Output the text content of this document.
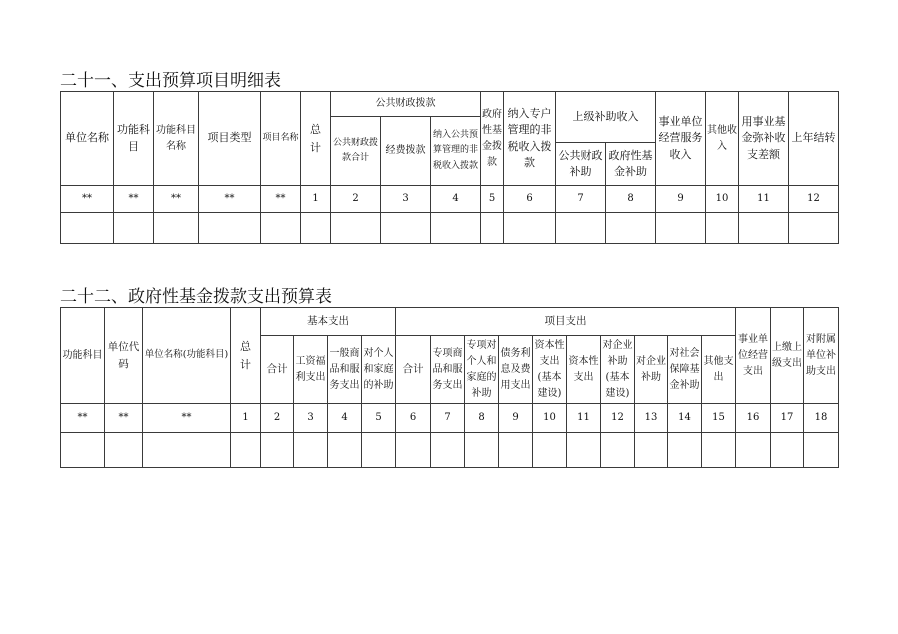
二十一、支出预算项目明细表
单位名称	功能科目	功能科目名称	项目类型	项目名称	总计	公共财政拨款			政府性基金拨款	纳入专户管理的非税收入拨款	上级补助收入		事业单位经营服务收入	其他收入	用事业基金弥补收支差额	上年结转
						公共财政拨款合计	经费拨款	纳入公共预算管理的非税收入拨款								
											公共财政补助	政府性基金补助				
**	**	**	**	**	1	2	3	4	5	6	7	8	9	10	11	12

二十二、政府性基金拨款支出预算表
功能科目	单位代码	单位名称(功能科目)	总计	基本支出				项目支出										事业单位经营支出	上缴上级支出	对附属单位补助支出
				合计	工资福利支出	一般商品和服务支出	对个人和家庭的补助	合计	专项商品和服务支出	专项对个人和家庭的补助	债务利息及费用支出	资本性支出(基本建设)	资本性支出	对企业补助(基本建设)	对企业补助	对社会保障基金补助	其他支出			
**	**	**	1	2	3	4	5	6	7	8	9	10	11	12	13	14	15	16	17	18
